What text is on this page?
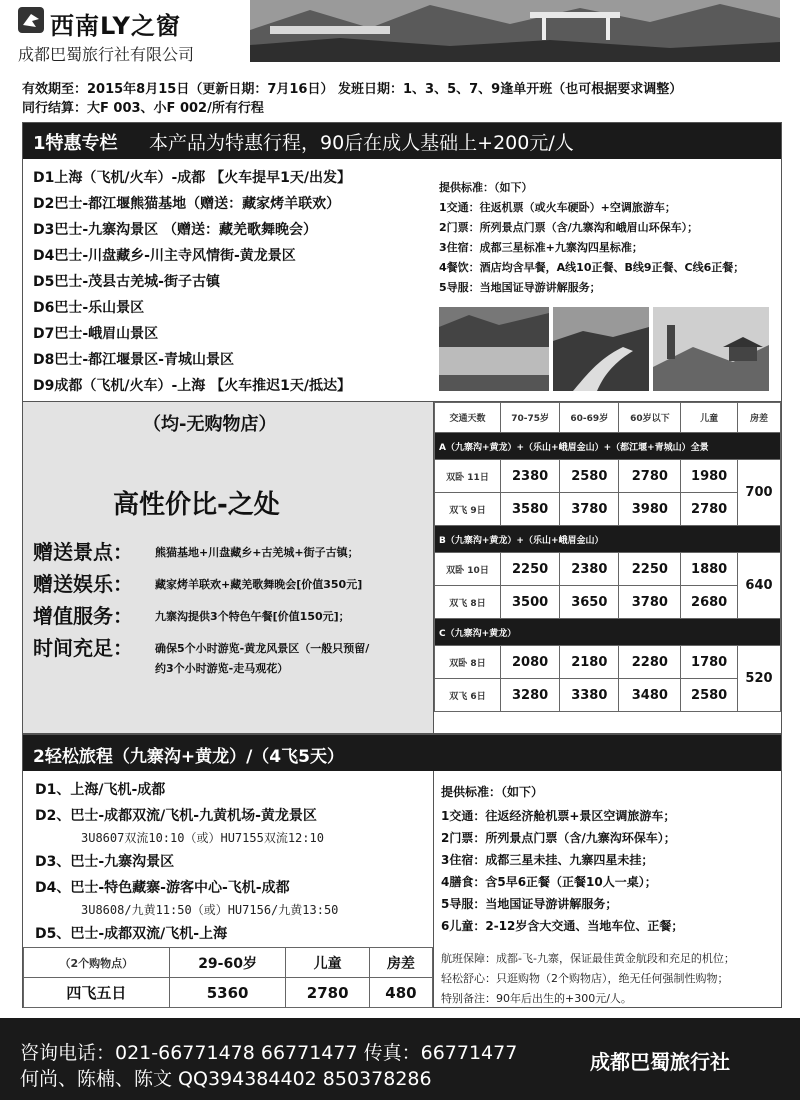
西南LY之窗
成都巴蜀旅行社有限公司
有效期至：2015年8月15日（更新日期：7月16日） 发班日期：1、3、5、7、9逢单开班（也可根据要求调整）
同行结算：大F 003、小F 002/所有行程
1特惠专栏 本产品为特惠行程，90后在成人基础上+200元/人
D1上海（飞机/火车）-成都 【火车提早1天/出发】
D2巴士-都江堰熊猫基地（赠送：藏家烤羊联欢）
D3巴士-九寨沟景区 （赠送：藏羌歌舞晚会）
D4巴士-川盘藏乡-川主寺风情街-黄龙景区
D5巴士-茂县古羌城-街子古镇
D6巴士-乐山景区
D7巴士-峨眉山景区
D8巴士-都江堰景区-青城山景区
D9成都（飞机/火车）-上海 【火车推迟1天/抵达】
提供标准：（如下）
1交通：往返机票（或火车硬卧）+空调旅游车；
2门票：所列景点门票（含/九寨沟和峨眉山环保车）；
3住宿：成都三星标准+九寨沟四星标准；
4餐饮：酒店均含早餐，A线10正餐、B线9正餐、C线6正餐；
5导服：当地国证导游讲解服务；
（均-无购物店）
高性价比-之处
赠送景点： 熊猫基地+川盘藏乡+古羌城+街子古镇；
赠送娱乐： 藏家烤羊联欢+藏羌歌舞晚会[价值350元]
增值服务： 九寨沟提供3个特色午餐[价值150元]；
时间充足： 确保5个小时游览-黄龙风景区（一般只预留/
约3个小时游览-走马观花）
交通天数	70-75岁	60-69岁	60岁以下	儿童	房差
A（九寨沟+黄龙）+（乐山+峨眉金山）+（都江堰+青城山）全景					
双卧 11日	2380	2580	2780	1980	700
双飞 9日	3580	3780	3980	2780	
B（九寨沟+黄龙）+（乐山+峨眉金山）					
双卧 10日	2250	2380	2250	1880	640
双飞 8日	3500	3650	3780	2680	
C（九寨沟+黄龙）					
双卧 8日	2080	2180	2280	1780	520
双飞 6日	3280	3380	3480	2580	
2轻松旅程（九寨沟+黄龙）/（4飞5天）
D1、上海/飞机-成都
D2、巴士-成都双流/飞机-九黄机场-黄龙景区
3U8607双流10:10（或）HU7155双流12:10
D3、巴士-九寨沟景区
D4、巴士-特色藏寨-游客中心-飞机-成都
3U8608/九黄11:50（或）HU7156/九黄13:50
D5、巴士-成都双流/飞机-上海
提供标准：（如下）
1交通：往返经济舱机票+景区空调旅游车；
2门票：所列景点门票（含/九寨沟环保车）；
3住宿：成都三星未挂、九寨四星未挂；
4膳食：含5早6正餐（正餐10人一桌）；
5导服：当地国证导游讲解服务；
6儿童：2-12岁含大交通、当地车位、正餐；
（2个购物点）	29-60岁	儿童	房差
四飞五日	5360	2780	480
航班保障：成都-飞-九寨，保证最佳黄金航段和充足的机位；
轻松舒心：只逛购物（2个购物店），绝无任何强制性购物；
特别备注：90年后出生的+300元/人。
咨询电话：021-66771478 66771477 传真：66771477
何尚、陈楠、陈文 QQ394384402 850378286
成都巴蜀旅行社
